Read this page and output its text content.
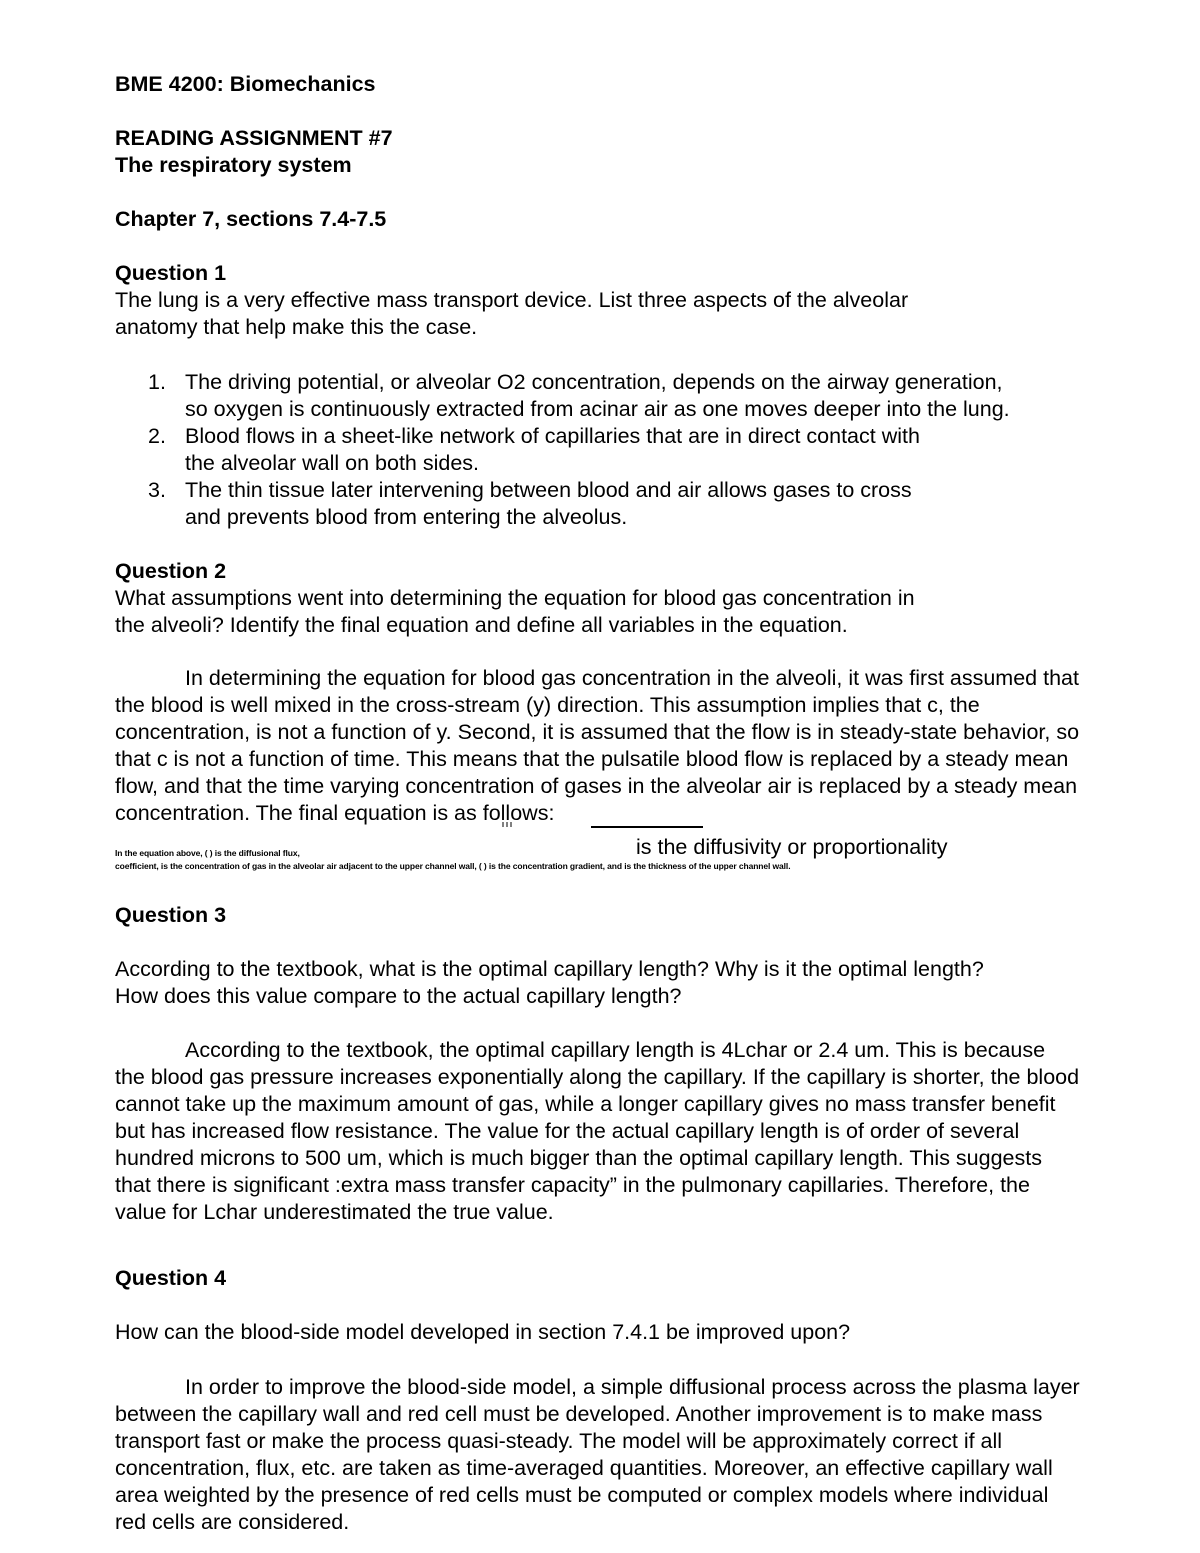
BME 4200: Biomechanics
READING ASSIGNMENT #7
The respiratory system
Chapter 7, sections 7.4-7.5
Question 1
The lung is a very effective mass transport device. List three aspects of the alveolar
anatomy that help make this the case.
1. The driving potential, or alveolar O2 concentration, depends on the airway generation,
so oxygen is continuously extracted from acinar air as one moves deeper into the lung.
2. Blood flows in a sheet-like network of capillaries that are in direct contact with
the alveolar wall on both sides.
3. The thin tissue later intervening between blood and air allows gases to cross
and prevents blood from entering the alveolus.
Question 2
What assumptions went into determining the equation for blood gas concentration in
the alveoli? Identify the final equation and define all variables in the equation.

In determining the equation for blood gas concentration in the alveoli, it was first assumed that the blood is well mixed in the cross-stream (y) direction. This assumption implies that c, the concentration, is not a function of y. Second, it is assumed that the flow is in steady-state behavior, so that c is not a function of time. This means that the pulsatile blood flow is replaced by a steady mean flow, and that the time varying concentration of gases in the alveolar air is replaced by a steady mean concentration. The final equation is as follows:

In the equation above, ( ) is the diffusional flux,	is the diffusivity or proportionality
coefficient, is the concentration of gas in the alveolar air adjacent to the upper channel wall, ( ) is the concentration gradient, and is the thickness of the upper channel wall.
Question 3
According to the textbook, what is the optimal capillary length? Why is it the optimal length?
How does this value compare to the actual capillary length?

According to the textbook, the optimal capillary length is 4Lchar or 2.4 um. This is because the blood gas pressure increases exponentially along the capillary. If the capillary is shorter, the blood cannot take up the maximum amount of gas, while a longer capillary gives no mass transfer benefit but has increased flow resistance. The value for the actual capillary length is of order of several hundred microns to 500 um, which is much bigger than the optimal capillary length. This suggests that there is significant :extra mass transfer capacity” in the pulmonary capillaries. Therefore, the value for Lchar underestimated the true value.

Question 4
How can the blood-side model developed in section 7.4.1 be improved upon?

In order to improve the blood-side model, a simple diffusional process across the plasma layer between the capillary wall and red cell must be developed. Another improvement is to make mass transport fast or make the process quasi-steady. The model will be approximately correct if all concentration, flux, etc. are taken as time-averaged quantities. Moreover, an effective capillary wall area weighted by the presence of red cells must be computed or complex models where individual red cells are considered.
